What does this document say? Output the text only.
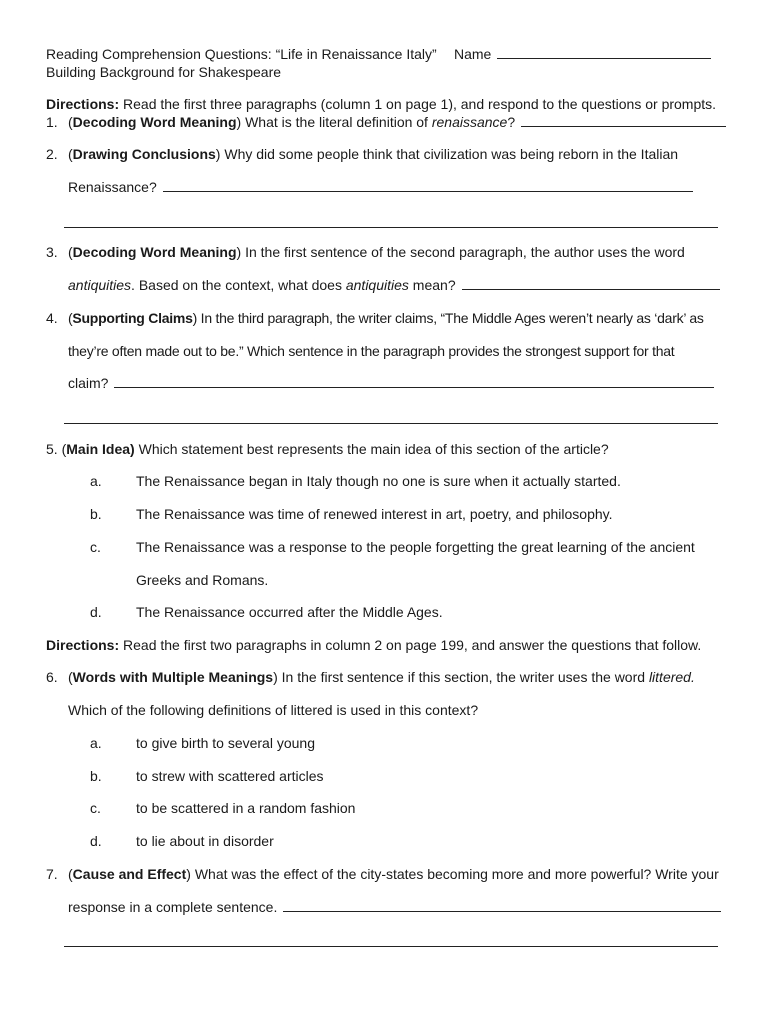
Reading Comprehension Questions: “Life in Renaissance Italy” Name
Building Background for Shakespeare
Directions: Read the first three paragraphs (column 1 on page 1), and respond to the questions or prompts.
1. (Decoding Word Meaning) What is the literal definition of renaissance?
2. (Drawing Conclusions) Why did some people think that civilization was being reborn in the Italian
Renaissance?
3. (Decoding Word Meaning) In the first sentence of the second paragraph, the author uses the word
antiquities. Based on the context, what does antiquities mean?
4. (Supporting Claims) In the third paragraph, the writer claims, “The Middle Ages weren’t nearly as ‘dark’ as
they’re often made out to be.” Which sentence in the paragraph provides the strongest support for that
claim?
5. (Main Idea) Which statement best represents the main idea of this section of the article?
a. The Renaissance began in Italy though no one is sure when it actually started.
b. The Renaissance was time of renewed interest in art, poetry, and philosophy.
c.	The Renaissance was a response to the people forgetting the great learning of the ancient
Greeks and Romans.
d. The Renaissance occurred after the Middle Ages.
Directions: Read the first two paragraphs in column 2 on page 199, and answer the questions that follow.
6. (Words with Multiple Meanings) In the first sentence if this section, the writer uses the word littered.
Which of the following definitions of littered is used in this context?
a. to give birth to several young
b. to strew with scattered articles
c.	to be scattered in a random fashion
d. to lie about in disorder
7. (Cause and Effect) What was the effect of the city-states becoming more and more powerful? Write your
response in a complete sentence.
